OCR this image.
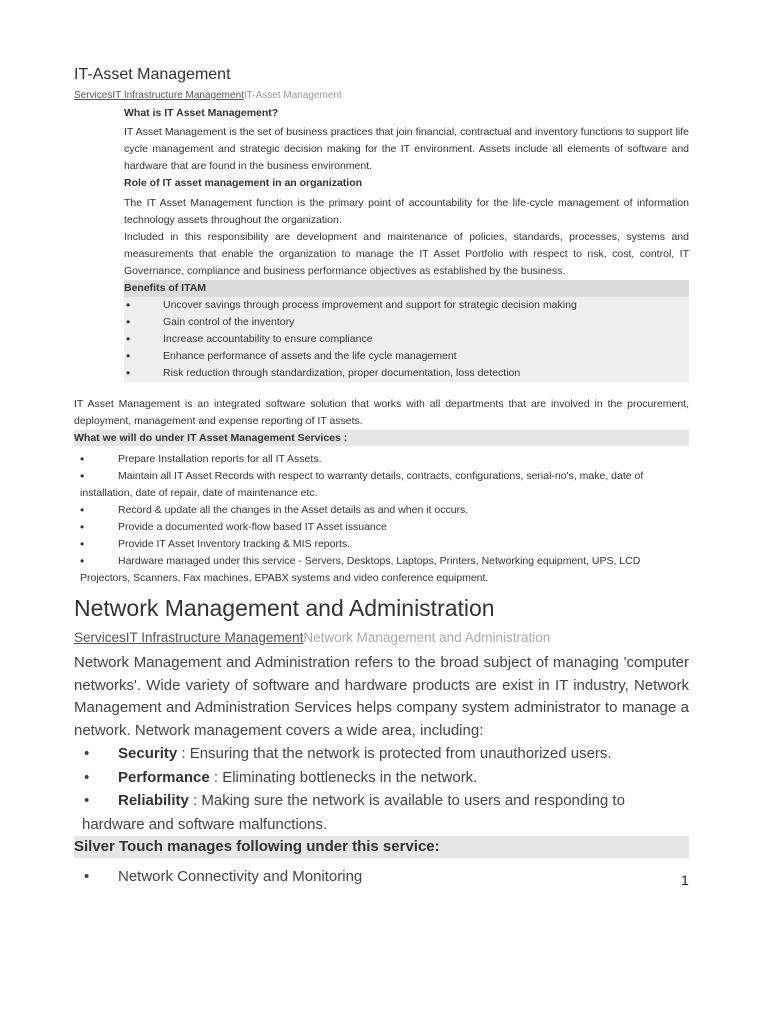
IT-Asset Management
ServicesIT Infrastructure ManagementIT-Asset Management
What is IT Asset Management?
IT Asset Management is the set of business practices that join financial, contractual and inventory functions to support life cycle management and strategic decision making for the IT environment. Assets include all elements of software and hardware that are found in the business environment.
Role of IT asset management in an organization
The IT Asset Management function is the primary point of accountability for the life-cycle management of information technology assets throughout the organization.
Included in this responsibility are development and maintenance of policies, standards, processes, systems and measurements that enable the organization to manage the IT Asset Portfolio with respect to risk, cost, control, IT Governance, compliance and business performance objectives as established by the business.
Benefits of ITAM
• Uncover savings through process improvement and support for strategic decision making
• Gain control of the inventory
• Increase accountability to ensure compliance
• Enhance performance of assets and the life cycle management
• Risk reduction through standardization, proper documentation, loss detection
IT Asset Management is an integrated software solution that works with all departments that are involved in the procurement, deployment, management and expense reporting of IT assets.
What we will do under IT Asset Management Services :
• Prepare Installation reports for all IT Assets.
• Maintain all IT Asset Records with respect to warranty details, contracts, configurations, serial-no's, make, date of
installation, date of repair, date of maintenance etc.
• Record & update all the changes in the Asset details as and when it occurs.
• Provide a documented work-flow based IT Asset issuance
• Provide IT Asset Inventory tracking & MIS reports.
• Hardware managed under this service - Servers, Desktops, Laptops, Printers, Networking equipment, UPS, LCD
Projectors, Scanners, Fax machines, EPABX systems and video conference equipment.
Network Management and Administration
ServicesIT Infrastructure ManagementNetwork Management and Administration
Network Management and Administration refers to the broad subject of managing 'computer networks'. Wide variety of software and hardware products are exist in IT industry, Network Management and Administration Services helps company system administrator to manage a network. Network management covers a wide area, including:
• Security : Ensuring that the network is protected from unauthorized users.
• Performance : Eliminating bottlenecks in the network.
• Reliability : Making sure the network is available to users and responding to
hardware and software malfunctions.
Silver Touch manages following under this service:
• Network Connectivity and Monitoring	1
